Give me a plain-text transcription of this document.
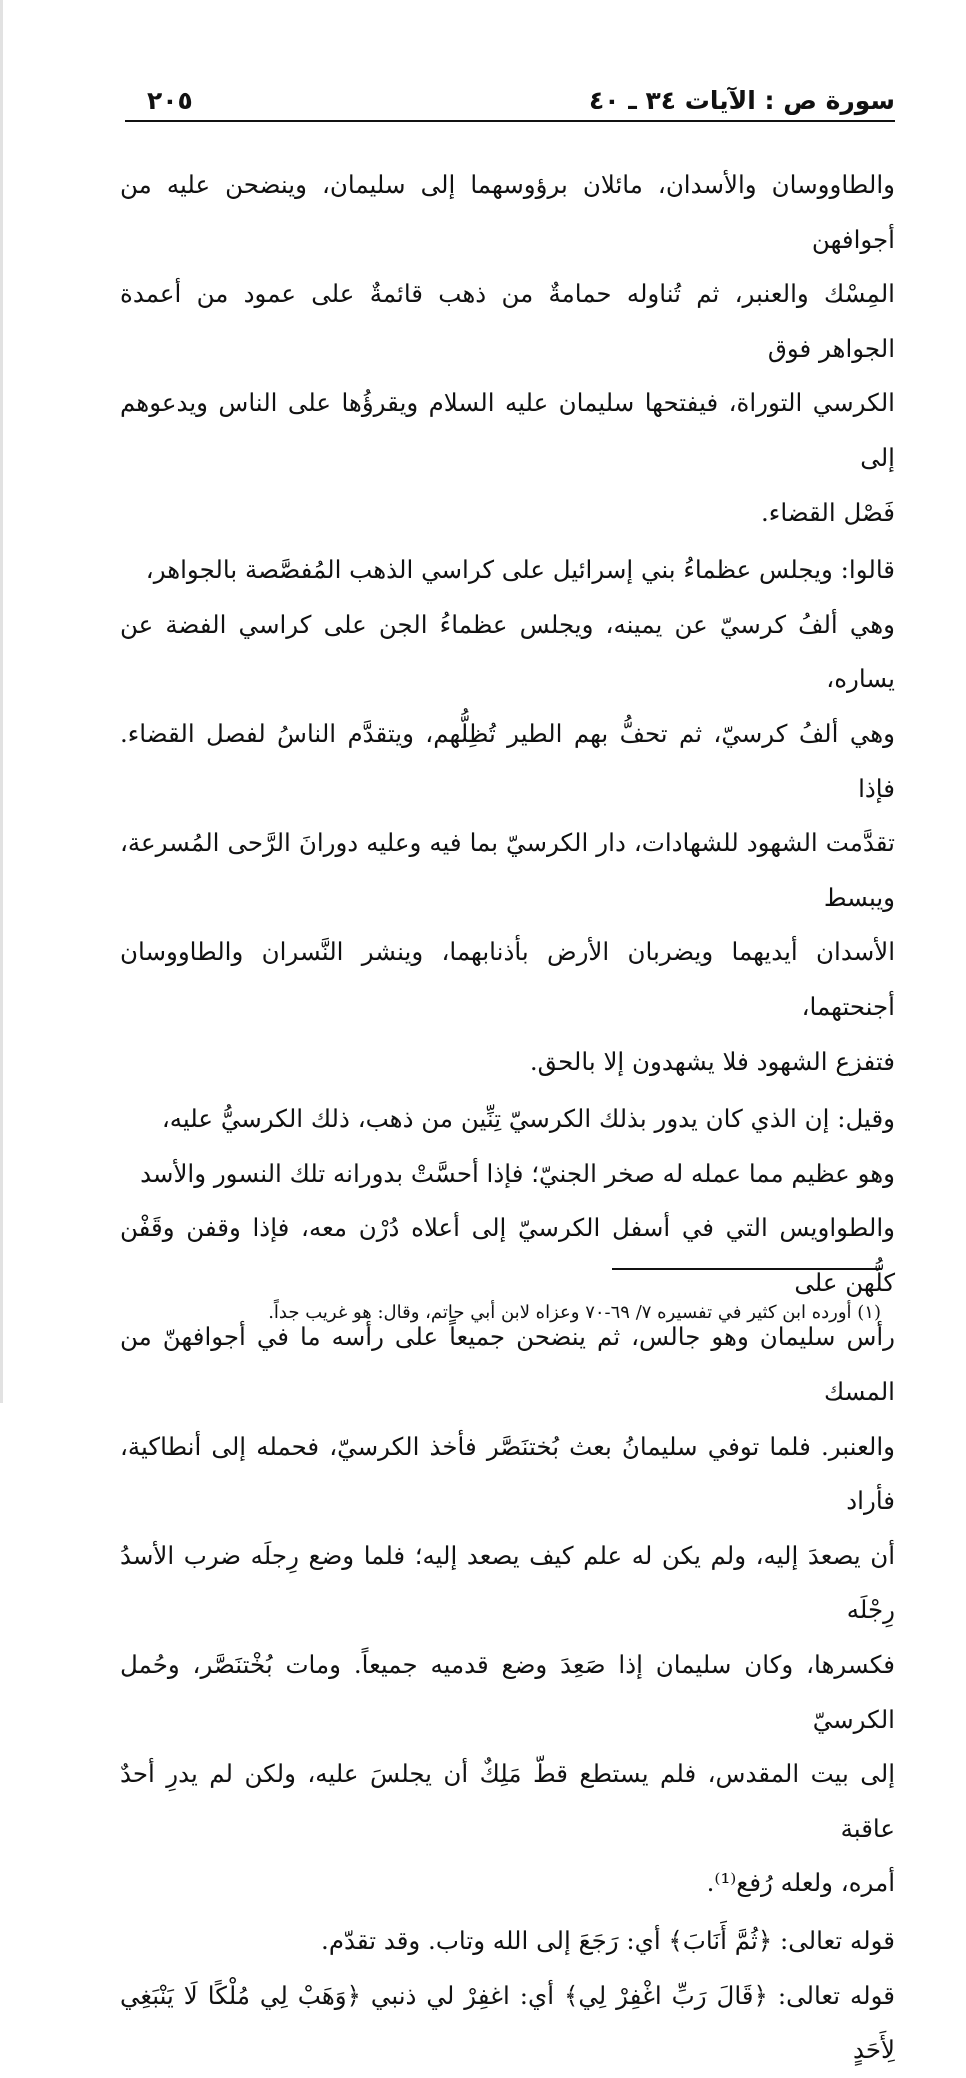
سورة ص : الآيات ٣٤ ـ ٤٠
٢٠٥

والطاووسان والأسدان، مائلان برؤوسهما إلى سليمان، وينضحن عليه من أجوافهن
المِسْك والعنبر، ثم تُناوله حمامةٌ من ذهب قائمةٌ على عمود من أعمدة الجواهر فوق
الكرسي التوراة، فيفتحها سليمان عليه السلام ويقرؤُها على الناس ويدعوهم إلى
فَصْل القضاء.

قالوا: ويجلس عظماءُ بني إسرائيل على كراسي الذهب المُفصَّصة بالجواهر،
وهي ألفُ كرسيّ عن يمينه، ويجلس عظماءُ الجن على كراسي الفضة عن يساره،
وهي ألفُ كرسيّ، ثم تحفُّ بهم الطير تُظِلُّهم، ويتقدَّم الناسُ لفصل القضاء. فإذا
تقدَّمت الشهود للشهادات، دار الكرسيّ بما فيه وعليه دورانَ الرَّحى المُسرعة، ويبسط
الأسدان أيديهما ويضربان الأرض بأذنابهما، وينشر النَّسران والطاووسان أجنحتهما،
فتفزع الشهود فلا يشهدون إلا بالحق.

وقيل: إن الذي كان يدور بذلك الكرسيّ تِنِّين من ذهب، ذلك الكرسيُّ عليه،
وهو عظيم مما عمله له صخر الجنيّ؛ فإذا أحسَّتْ بدورانه تلك النسور والأسد
والطواويس التي في أسفل الكرسيّ إلى أعلاه دُرْن معه، فإذا وقفن وقَفْن كلُّهن على
رأس سليمان وهو جالس، ثم ينضحن جميعاً على رأسه ما في أجوافهنّ من المسك
والعنبر. فلما توفي سليمانُ بعث بُختنَصَّر فأخذ الكرسيّ، فحمله إلى أنطاكية، فأراد
أن يصعدَ إليه، ولم يكن له علم كيف يصعد إليه؛ فلما وضع رِجلَه ضرب الأسدُ رِجْلَه
فكسرها، وكان سليمان إذا صَعِدَ وضع قدميه جميعاً. ومات بُخْتنَصَّر، وحُمل الكرسيّ
إلى بيت المقدس، فلم يستطع قطّ مَلِكٌ أن يجلسَ عليه، ولكن لم يدرِ أحدٌ عاقبة
أمره، ولعله رُفع⁽¹⁾.

قوله تعالى: ﴿ثُمَّ أَنَابَ﴾ أي: رَجَعَ إلى الله وتاب. وقد تقدّم.

قوله تعالى: ﴿قَالَ رَبِّ اغْفِرْ لِي﴾ أي: اغفِرْ لي ذنبي ﴿وَهَبْ لِي مُلْكًا لَا يَنْبَغِي لِأَحَدٍ

(١) أورده ابن كثير في تفسيره ٧/ ٦٩-٧٠ وعزاه لابن أبي حاتم، وقال: هو غريب جداً.
